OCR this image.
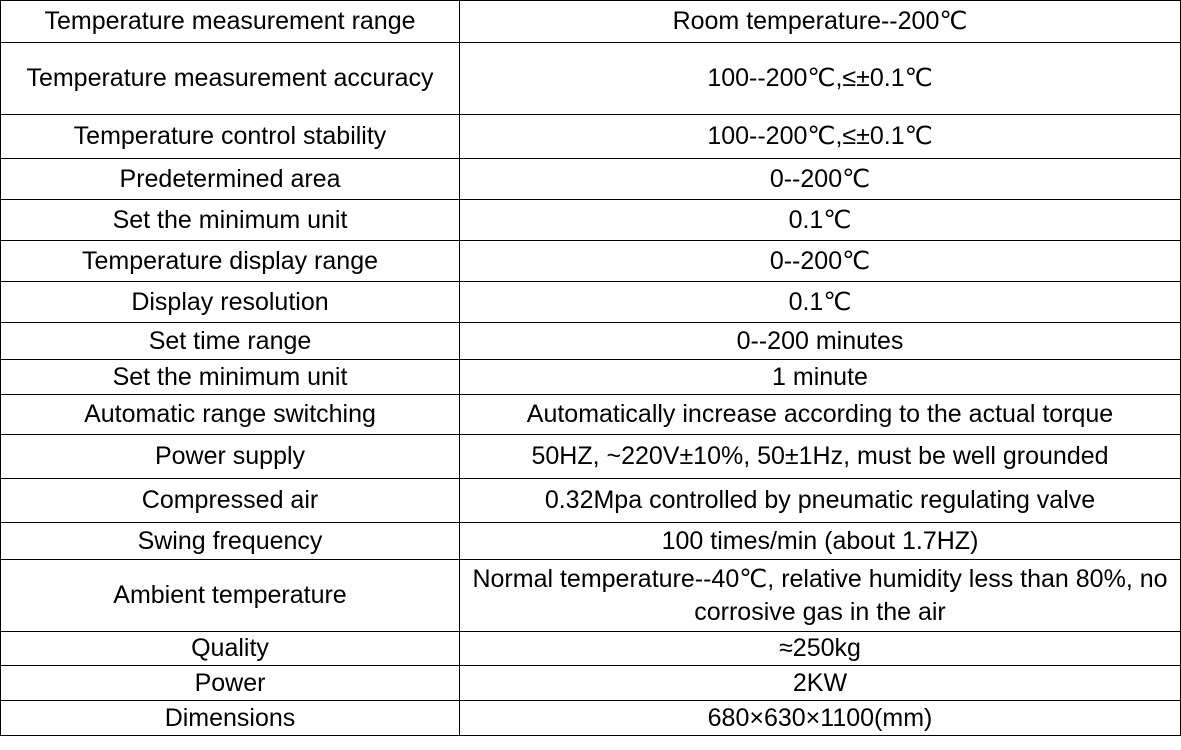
Temperature measurement range	Room temperature--200℃
Temperature measurement accuracy	100--200℃,≤±0.1℃
Temperature control stability	100--200℃,≤±0.1℃
Predetermined area	0--200℃
Set the minimum unit	0.1℃
Temperature display range	0--200℃
Display resolution	0.1℃
Set time range	0--200 minutes
Set the minimum unit	1 minute
Automatic range switching	Automatically increase according to the actual torque
Power supply	50HZ, ~220V±10%, 50±1Hz, must be well grounded
Compressed air	0.32Mpa controlled by pneumatic regulating valve
Swing frequency	100 times/min (about 1.7HZ)
Ambient temperature	Normal temperature--40℃, relative humidity less than 80%, no corrosive gas in the air
Quality	≈250kg
Power	2KW
Dimensions	680×630×1100(mm)
